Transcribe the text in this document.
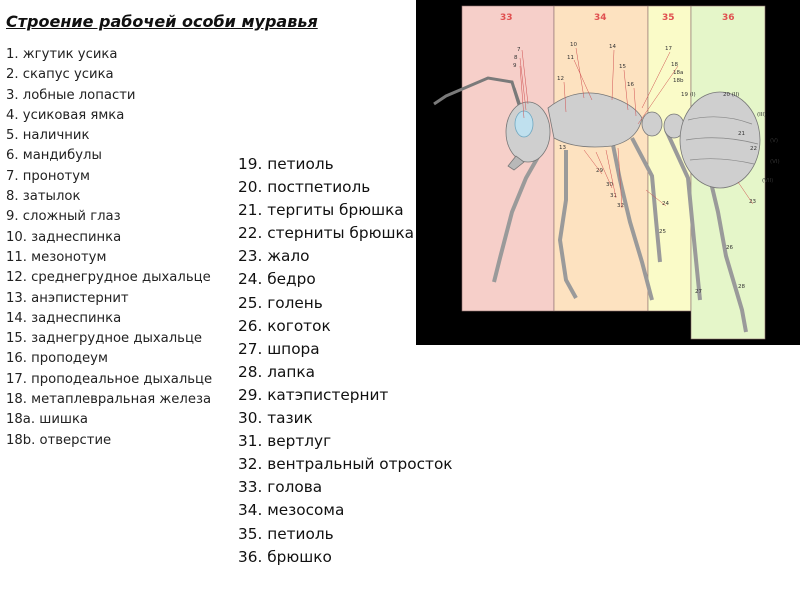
Строение рабочей особи муравья
1. жгутик усика
2. скапус усика
3. лобные лопасти
4. усиковая ямка
5. наличник
6. мандибулы
7. пронотум
8. затылок
9. сложный глаз
10. заднеспинка
11. мезонотум
12. среднегрудное дыхальце
13. анэпистернит
14. заднеспинка
15. заднегрудное дыхальце
16. проподеум
17. проподеальное дыхальце
18. метаплевральная железа
18a. шишка
18b. отверстие
19. петиоль
20. постпетиоль
21. тергиты брюшка
22. стерниты брюшка
23. жало
24. бедро
25. голень
26. коготок
27. шпора
28. лапка
29. катэпистернит
30. тазик
31. вертлуг
32. вентральный отросток
33. голова
34. мезосома
35. петиоль
36. брюшко
33	34	35	36
7
8
9
10
11
12
13
14
15
16
17
18
18a
18b
19 (I)	20 (II)
(III)
21
(V)
22
(VI)
(VII)
23
24
25
26
27
28
29
30
31
32
